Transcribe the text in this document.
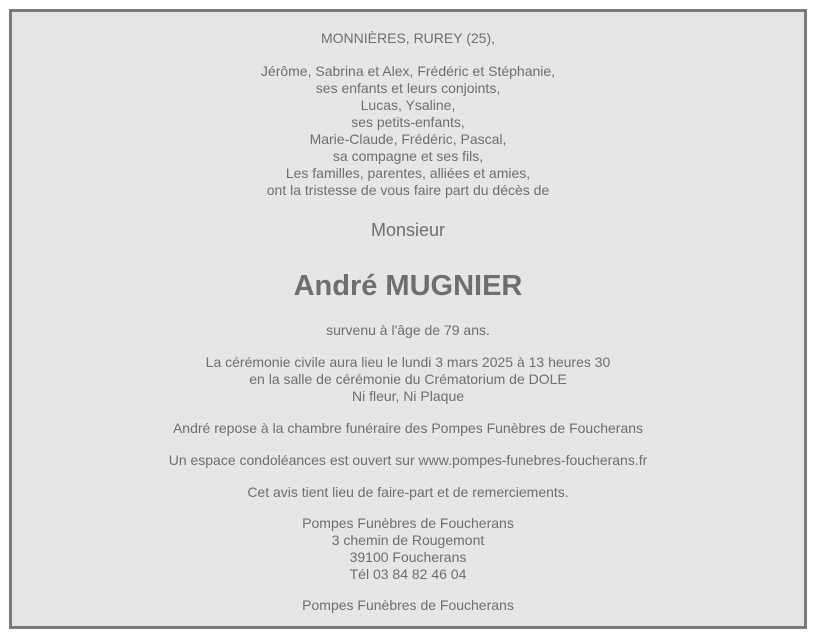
MONNIÈRES, RUREY (25),
Jérôme, Sabrina et Alex, Frédéric et Stéphanie,
ses enfants et leurs conjoints,
Lucas, Ysaline,
ses petits-enfants,
Marie-Claude, Frédéric, Pascal,
sa compagne et ses fils,
Les familles, parentes, alliées et amies,
ont la tristesse de vous faire part du décès de
Monsieur
André MUGNIER
survenu à l'âge de 79 ans.
La cérémonie civile aura lieu le lundi 3 mars 2025 à 13 heures 30
en la salle de cérémonie du Crématorium de DOLE
Ni fleur, Ni Plaque
André repose à la chambre funéraire des Pompes Funèbres de Foucherans
Un espace condoléances est ouvert sur www.pompes-funebres-foucherans.fr
Cet avis tient lieu de faire-part et de remerciements.
Pompes Funèbres de Foucherans
3 chemin de Rougemont
39100 Foucherans
Tél 03 84 82 46 04
Pompes Funèbres de Foucherans
